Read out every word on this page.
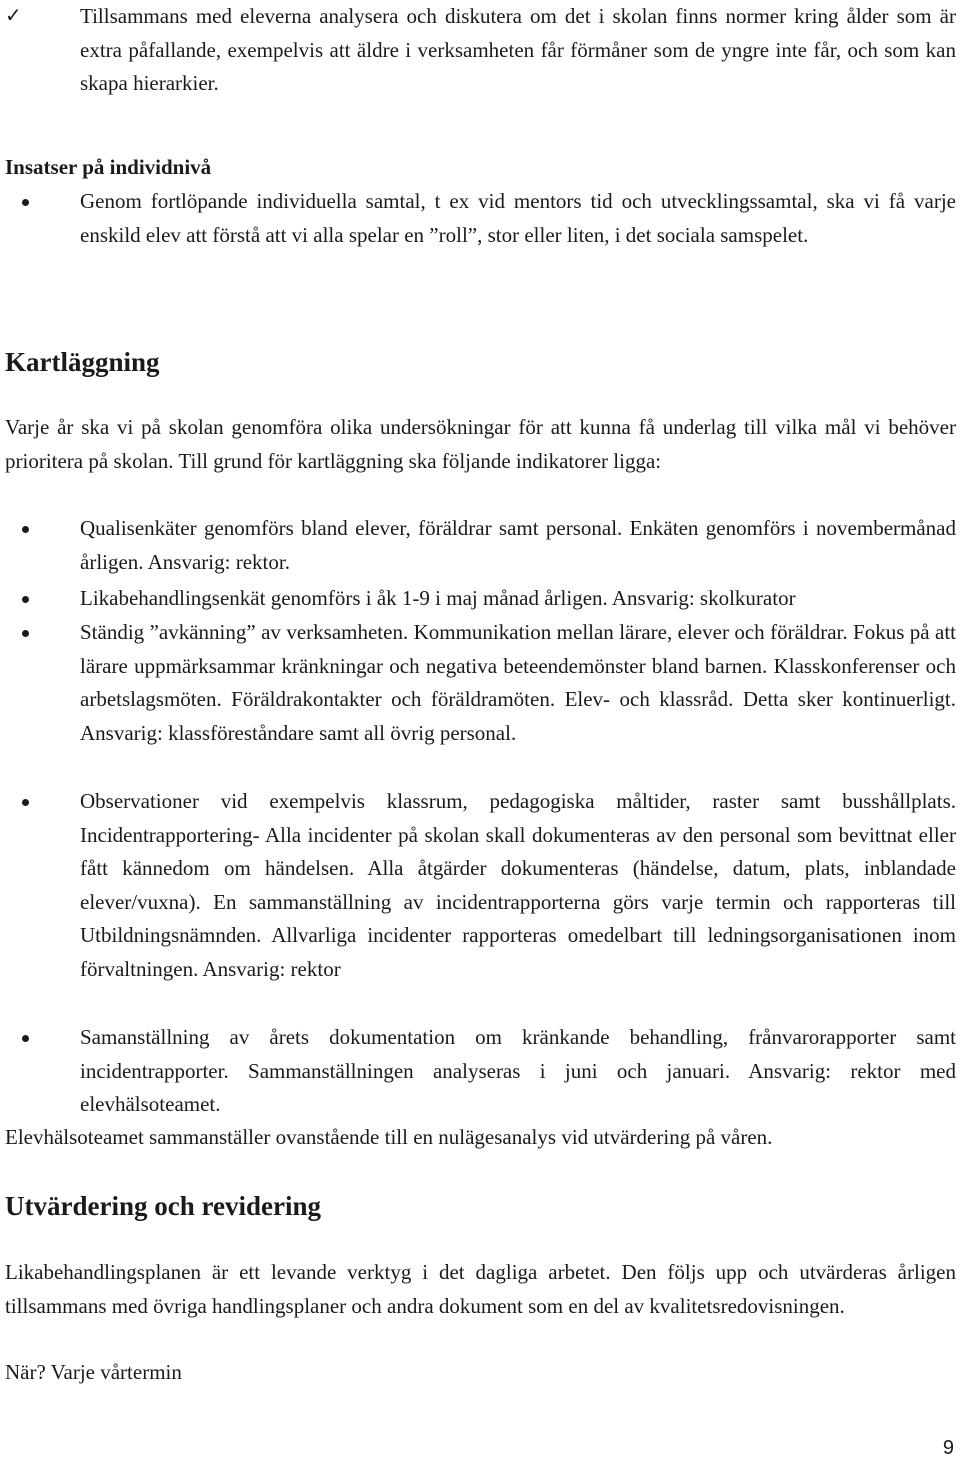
✓	Tillsammans med eleverna analysera och diskutera om det i skolan finns normer kring ålder som är extra påfallande, exempelvis att äldre i verksamheten får förmåner som de yngre inte får, och som kan skapa hierarkier.
Insatser på individnivå
Genom fortlöpande individuella samtal, t ex vid mentors tid och utvecklingssamtal, ska vi få varje enskild elev att förstå att vi alla spelar en ”roll”, stor eller liten, i det sociala samspelet.
Kartläggning
Varje år ska vi på skolan genomföra olika undersökningar för att kunna få underlag till vilka mål vi behöver prioritera på skolan. Till grund för kartläggning ska följande indikatorer ligga:
Qualisenkäter genomförs bland elever, föräldrar samt personal. Enkäten genomförs i novembermånad årligen. Ansvarig: rektor.
Likabehandlingsenkät genomförs i åk 1-9 i maj månad årligen. Ansvarig: skolkurator
Ständig ”avkänning” av verksamheten. Kommunikation mellan lärare, elever och föräldrar. Fokus på att lärare uppmärksammar kränkningar och negativa beteendemönster bland barnen. Klasskonferenser och arbetslagsmöten. Föräldrakontakter och föräldramöten. Elev- och klassråd. Detta sker kontinuerligt. Ansvarig: klassföreståndare samt all övrig personal.
Observationer vid exempelvis klassrum, pedagogiska måltider, raster samt busshållplats. Incidentrapportering- Alla incidenter på skolan skall dokumenteras av den personal som bevittnat eller fått kännedom om händelsen. Alla åtgärder dokumenteras (händelse, datum, plats, inblandade elever/vuxna). En sammanställning av incidentrapporterna görs varje termin och rapporteras till Utbildningsnämnden. Allvarliga incidenter rapporteras omedelbart till ledningsorganisationen inom förvaltningen. Ansvarig: rektor
Samanställning av årets dokumentation om kränkande behandling, frånvarorapporter samt incidentrapporter. Sammanställningen analyseras i juni och januari. Ansvarig: rektor med elevhälsoteamet.
Elevhälsoteamet sammanställer ovanstående till en nulägesanalys vid utvärdering på våren.
Utvärdering och revidering
Likabehandlingsplanen är ett levande verktyg i det dagliga arbetet. Den följs upp och utvärderas årligen tillsammans med övriga handlingsplaner och andra dokument som en del av kvalitetsredovisningen.
När? Varje vårtermin
9
